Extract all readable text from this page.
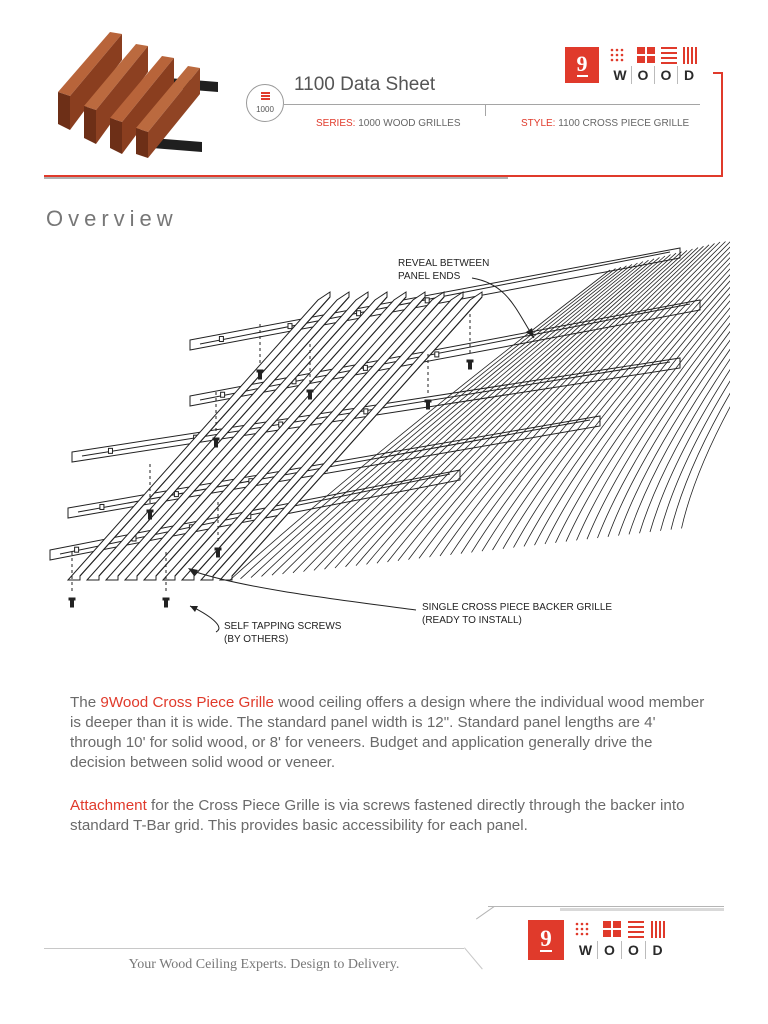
1000
1100 Data Sheet
SERIES: 1000 WOOD GRILLES	STYLE: 1100 CROSS PIECE GRILLE
9	W O O D
Overview
REVEAL BETWEEN
PANEL ENDS
SELF TAPPING SCREWS
(BY OTHERS)
SINGLE CROSS PIECE BACKER GRILLE
(READY TO INSTALL)

The 9Wood Cross Piece Grille wood ceiling offers a design where the individual wood member is deeper than it is wide. The standard panel width is 12". Standard panel lengths are 4' through 10' for solid wood, or 8' for veneers. Budget and application generally drive the decision between solid wood or veneer.

Attachment for the Cross Piece Grille is via screws fastened directly through the backer into standard T-Bar grid. This provides basic accessibility for each panel.

9	W O O D
Your Wood Ceiling Experts. Design to Delivery.
